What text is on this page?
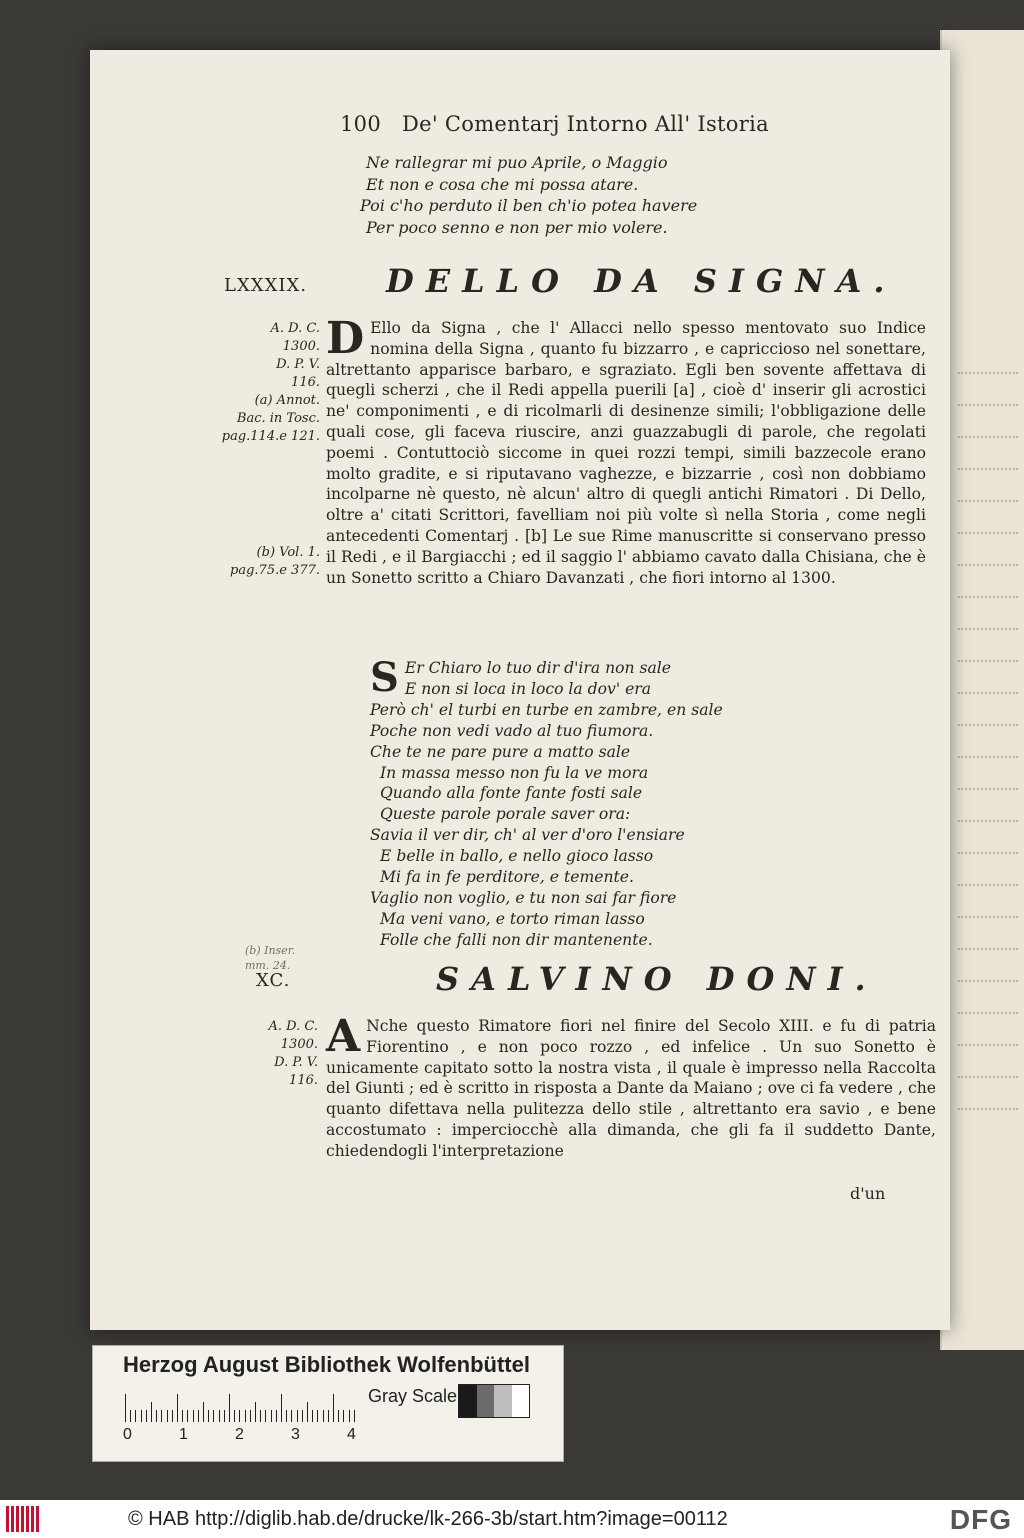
100 De' Comentarj Intorno All' Istoria
Ne rallegrar mi puo Aprile, o Maggio
Et non e cosa che mi possa atare.
Poi c'ho perduto il ben ch'io potea havere
Per poco senno e non per mio volere.
LXXXIX. DELLO DA SIGNA.
A. D. C.
1300.
D. P. V.
116.
(a) Annot.
Bac. in Tosc.
pag.114.e 121.
(b) Vol. 1.
pag.75.e 377.
D Ello da Signa , che l' Allacci nello spesso mentovato suo Indice nomina della Signa , quanto fu bizzarro , e capriccioso nel sonettare, altrettanto apparisce barbaro, e sgraziato. Egli ben sovente affettava di quegli scherzi , che il Redi appella puerili [a] , cioè d' inserir gli acrostici ne' componimenti , e di ricolmarli di desinenze simili; l'obbligazione delle quali cose, gli faceva riuscire, anzi guazzabugli di parole, che regolati poemi . Contuttociò siccome in quei rozzi tempi, simili bazzecole erano molto gradite, e si riputavano vaghezze, e bizzarrie , così non dobbiamo incolparne nè questo, nè alcun' altro di quegli antichi Rimatori . Di Dello, oltre a' citati Scrittori, favelliam noi più volte sì nella Storia , come negli antecedenti Comentarj . [b] Le sue Rime manuscritte si conservano presso il Redi , e il Bargiacchi ; ed il saggio l' abbiamo cavato dalla Chisiana, che è un Sonetto scritto a Chiaro Davanzati , che fiori intorno al 1300.
S Er Chiaro lo tuo dir d'ira non sale
E non si loca in loco la dov' era
Però ch' el turbi en turbe en zambre, en sale
Poche non vedi vado al tuo fiumora.
Che te ne pare pure a matto sale
In massa messo non fu la ve mora
Quando alla fonte fante fosti sale
Queste parole porale saver ora:
Savia il ver dir, ch' al ver d'oro l'ensiare
E belle in ballo, e nello gioco lasso
Mi fa in fe perditore, e temente.
Vaglio non voglio, e tu non sai far fiore
Ma veni vano, e torto riman lasso
Folle che falli non dir mantenente.
(b) Inser.
mm. 24.
XC.	SALVINO DONI.
A. D. C.
1300.
D. P. V.
116.
A Nche questo Rimatore fiori nel finire del Secolo XIII. e fu di patria Fiorentino , e non poco rozzo , ed infelice . Un suo Sonetto è unicamente capitato sotto la nostra vista , il quale è impresso nella Raccolta del Giunti ; ed è scritto in risposta a Dante da Maiano ; ove ci fa vedere , che quanto difettava nella pulitezza dello stile , altrettanto era savio , e bene accostumato : imperciocchè alla dimanda, che gli fa il suddetto Dante, chiedendogli l'interpretazione
d'un
Herzog August Bibliothek Wolfenbüttel
0	1	2	3	4
Gray Scale
© HAB http://diglib.hab.de/drucke/lk-266-3b/start.htm?image=00112	DFG
